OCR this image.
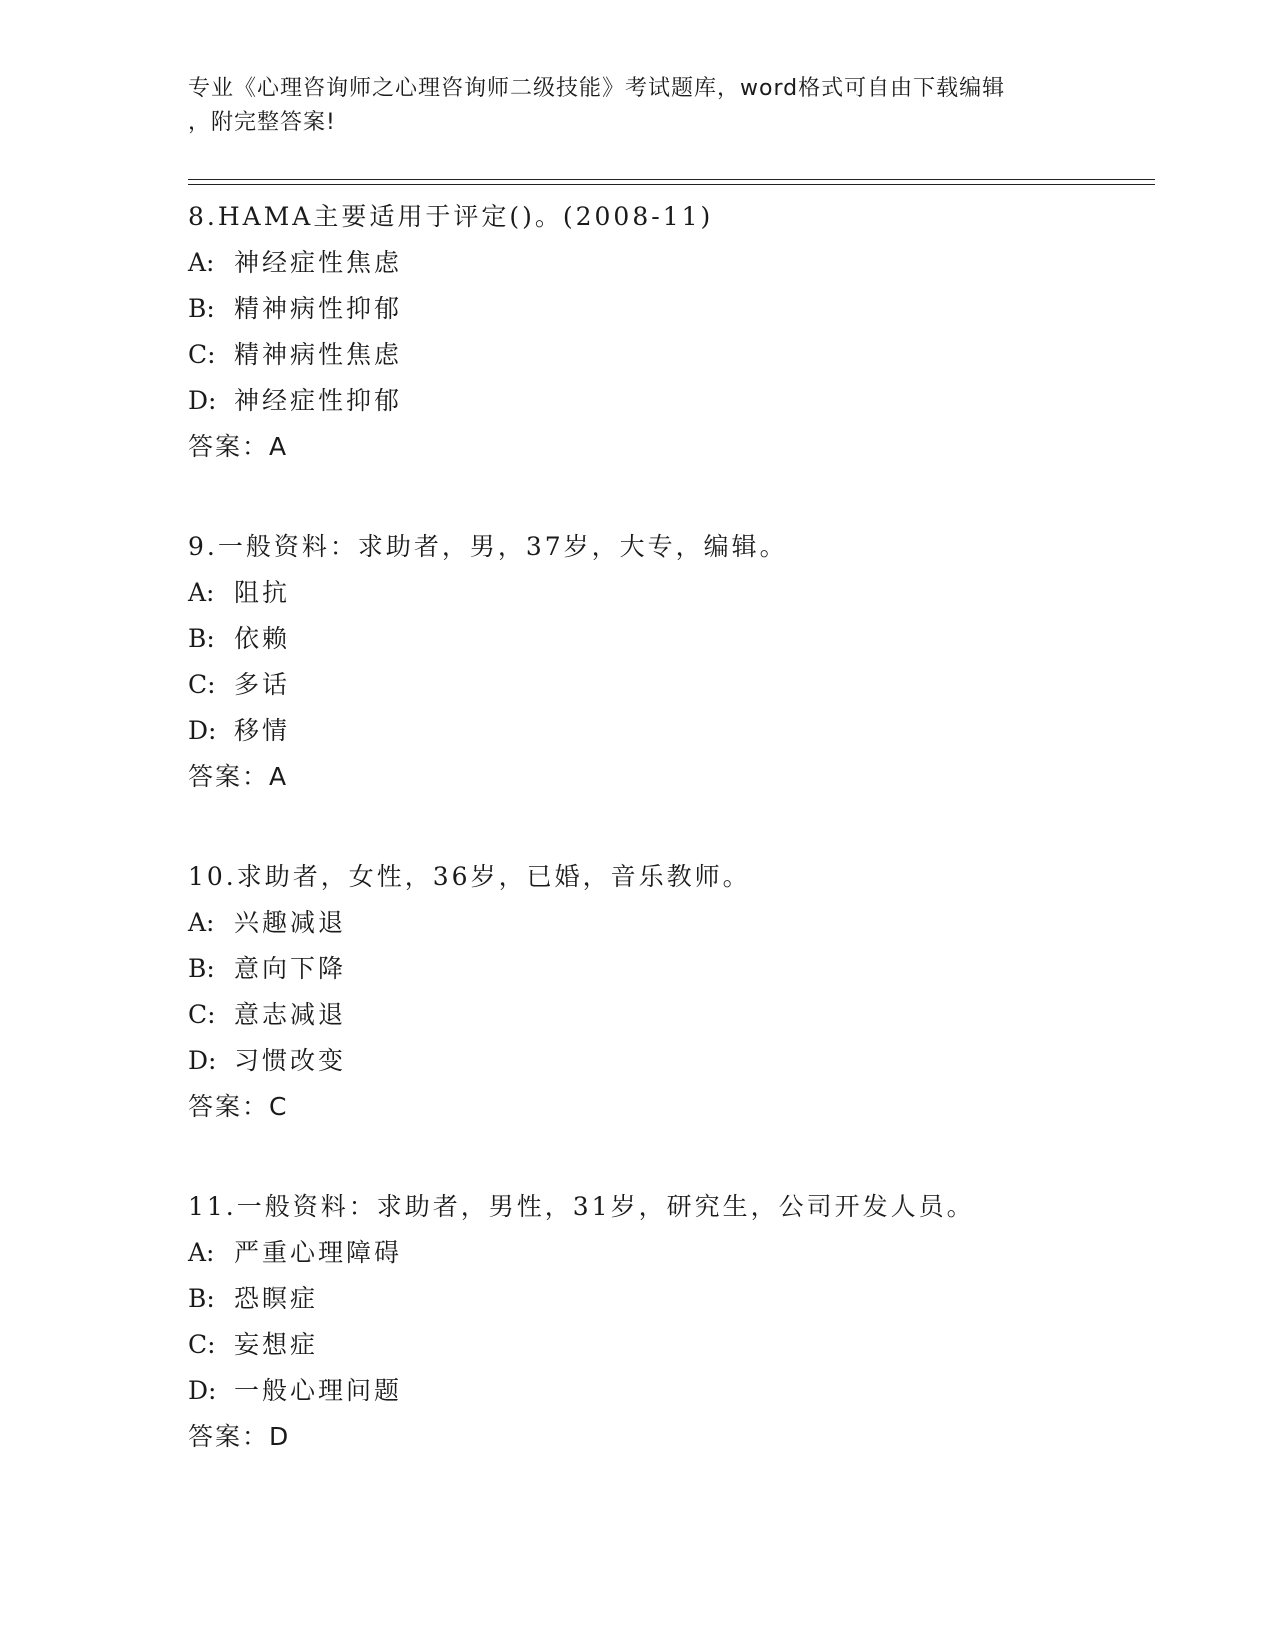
专业《心理咨询师之心理咨询师二级技能》考试题库，word格式可自由下载编辑
，附完整答案!
8.HAMA主要适用于评定()。(2008-11)
A: 神经症性焦虑
B: 精神病性抑郁
C: 精神病性焦虑
D: 神经症性抑郁
答案：A
9.一般资料：求助者，男，37岁，大专，编辑。
A: 阻抗
B: 依赖
C: 多话
D: 移情
答案：A
10.求助者，女性，36岁，已婚，音乐教师。
A: 兴趣减退
B: 意向下降
C: 意志减退
D: 习惯改变
答案：C
11.一般资料：求助者，男性，31岁，研究生，公司开发人员。
A: 严重心理障碍
B: 恐瞑症
C: 妄想症
D: 一般心理问题
答案：D
